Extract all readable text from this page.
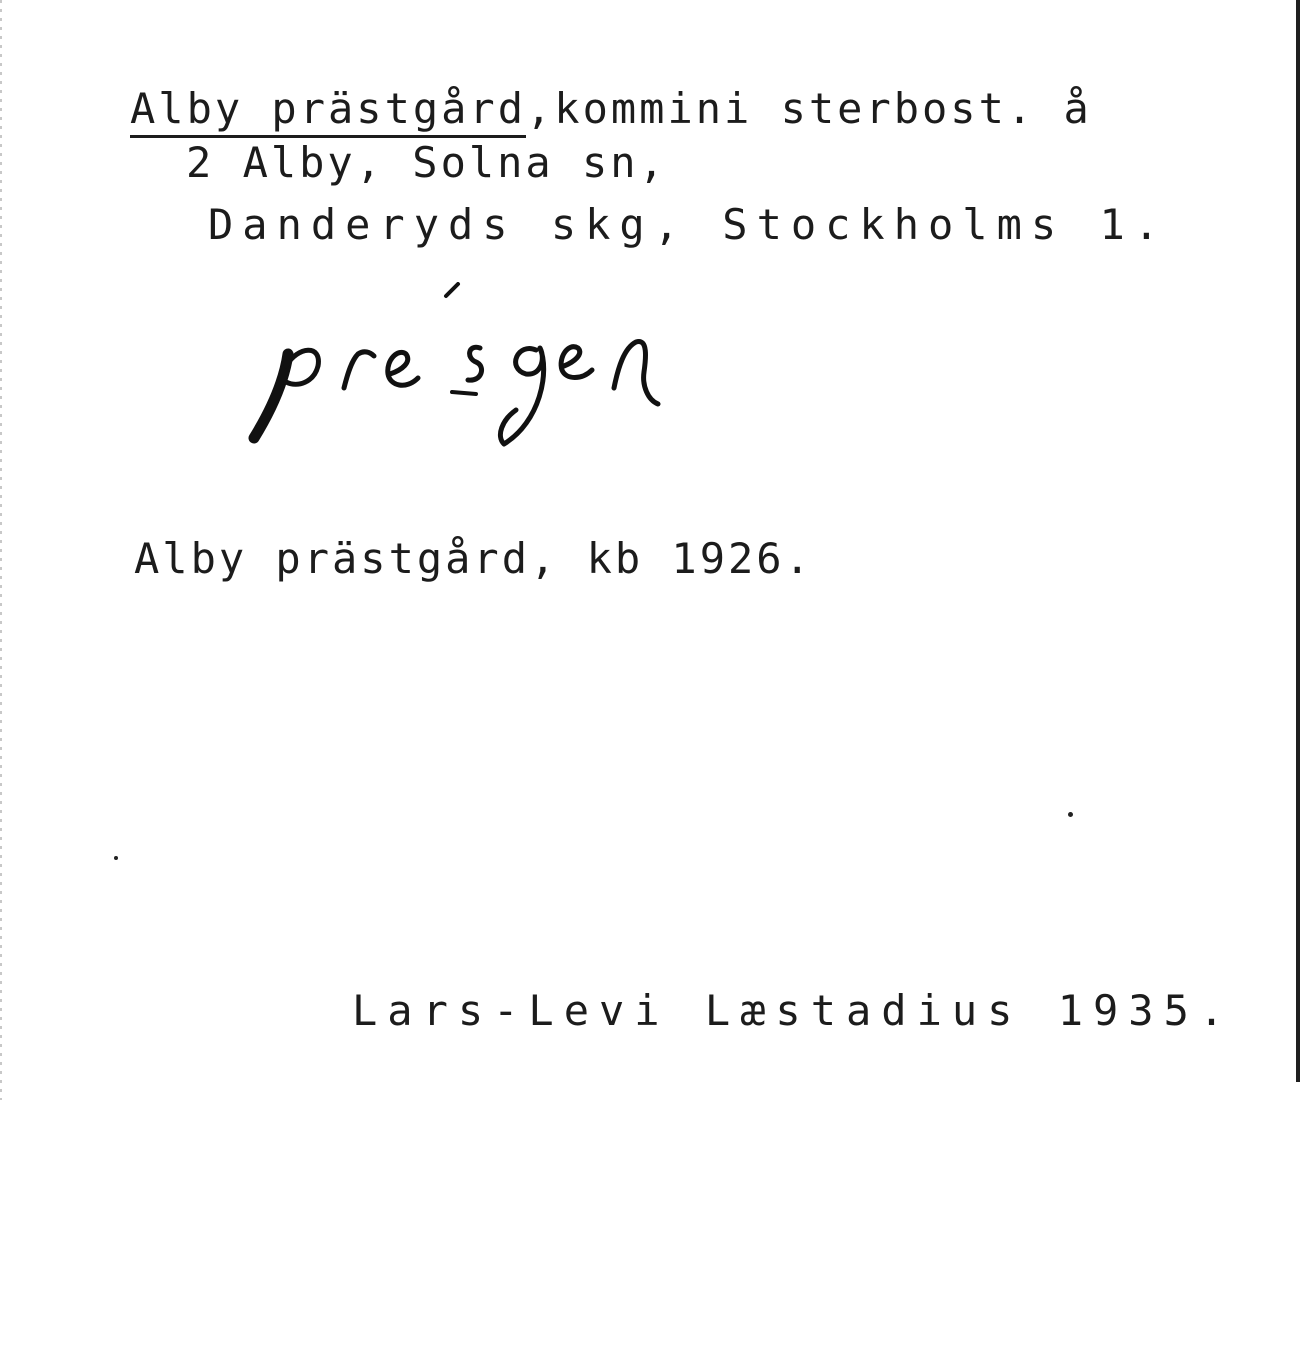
Alby prästgård,kommini sterbost. å
2 Alby, Solna sn,
Danderyds skg, Stockholms 1.
Alby prästgård, kb 1926.
Lars-Levi Læstadius 1935.
